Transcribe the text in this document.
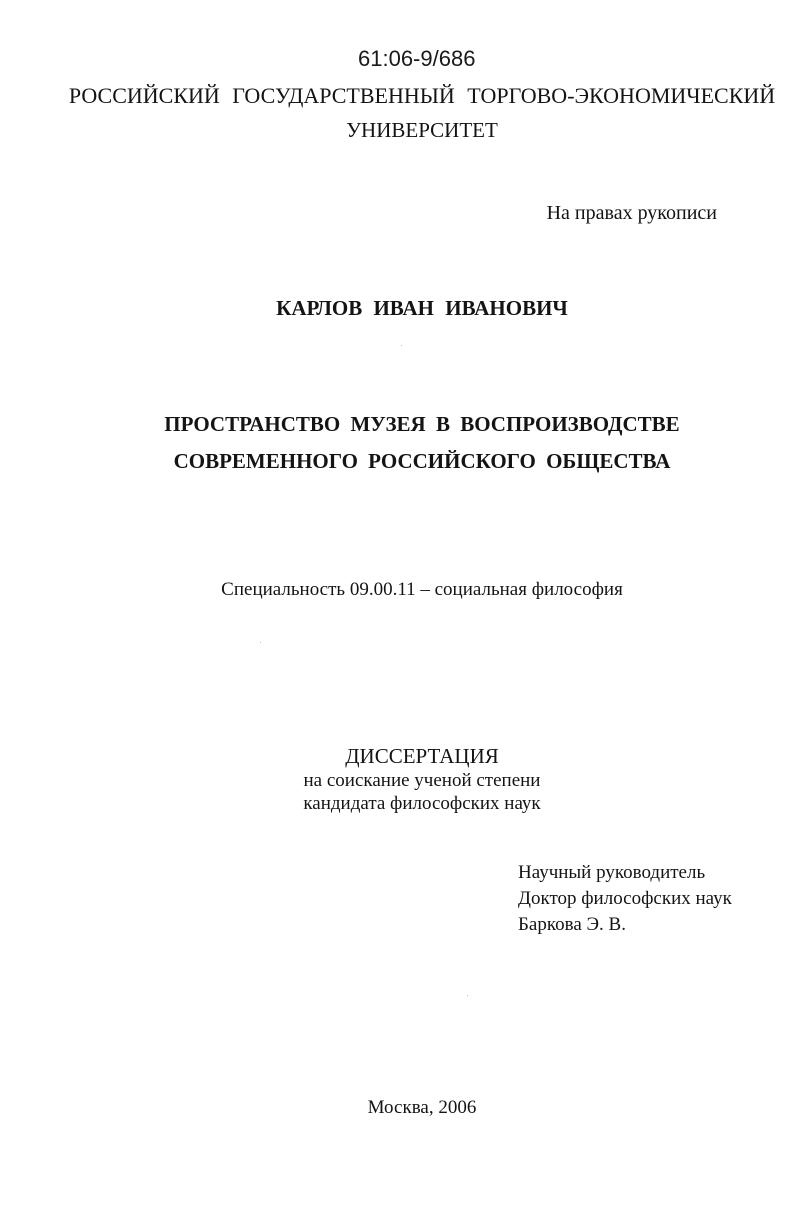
61:06-9/686
РОССИЙСКИЙ ГОСУДАРСТВЕННЫЙ ТОРГОВО-ЭКОНОМИЧЕСКИЙ
УНИВЕРСИТЕТ
На правах рукописи
КАРЛОВ ИВАН ИВАНОВИЧ
ПРОСТРАНСТВО МУЗЕЯ В ВОСПРОИЗВОДСТВЕ
СОВРЕМЕННОГО РОССИЙСКОГО ОБЩЕСТВА
Специальность 09.00.11 – социальная философия
ДИССЕРТАЦИЯ
на соискание ученой степени
кандидата философских наук
Научный руководитель
Доктор философских наук
Баркова Э. В.
Москва, 2006
